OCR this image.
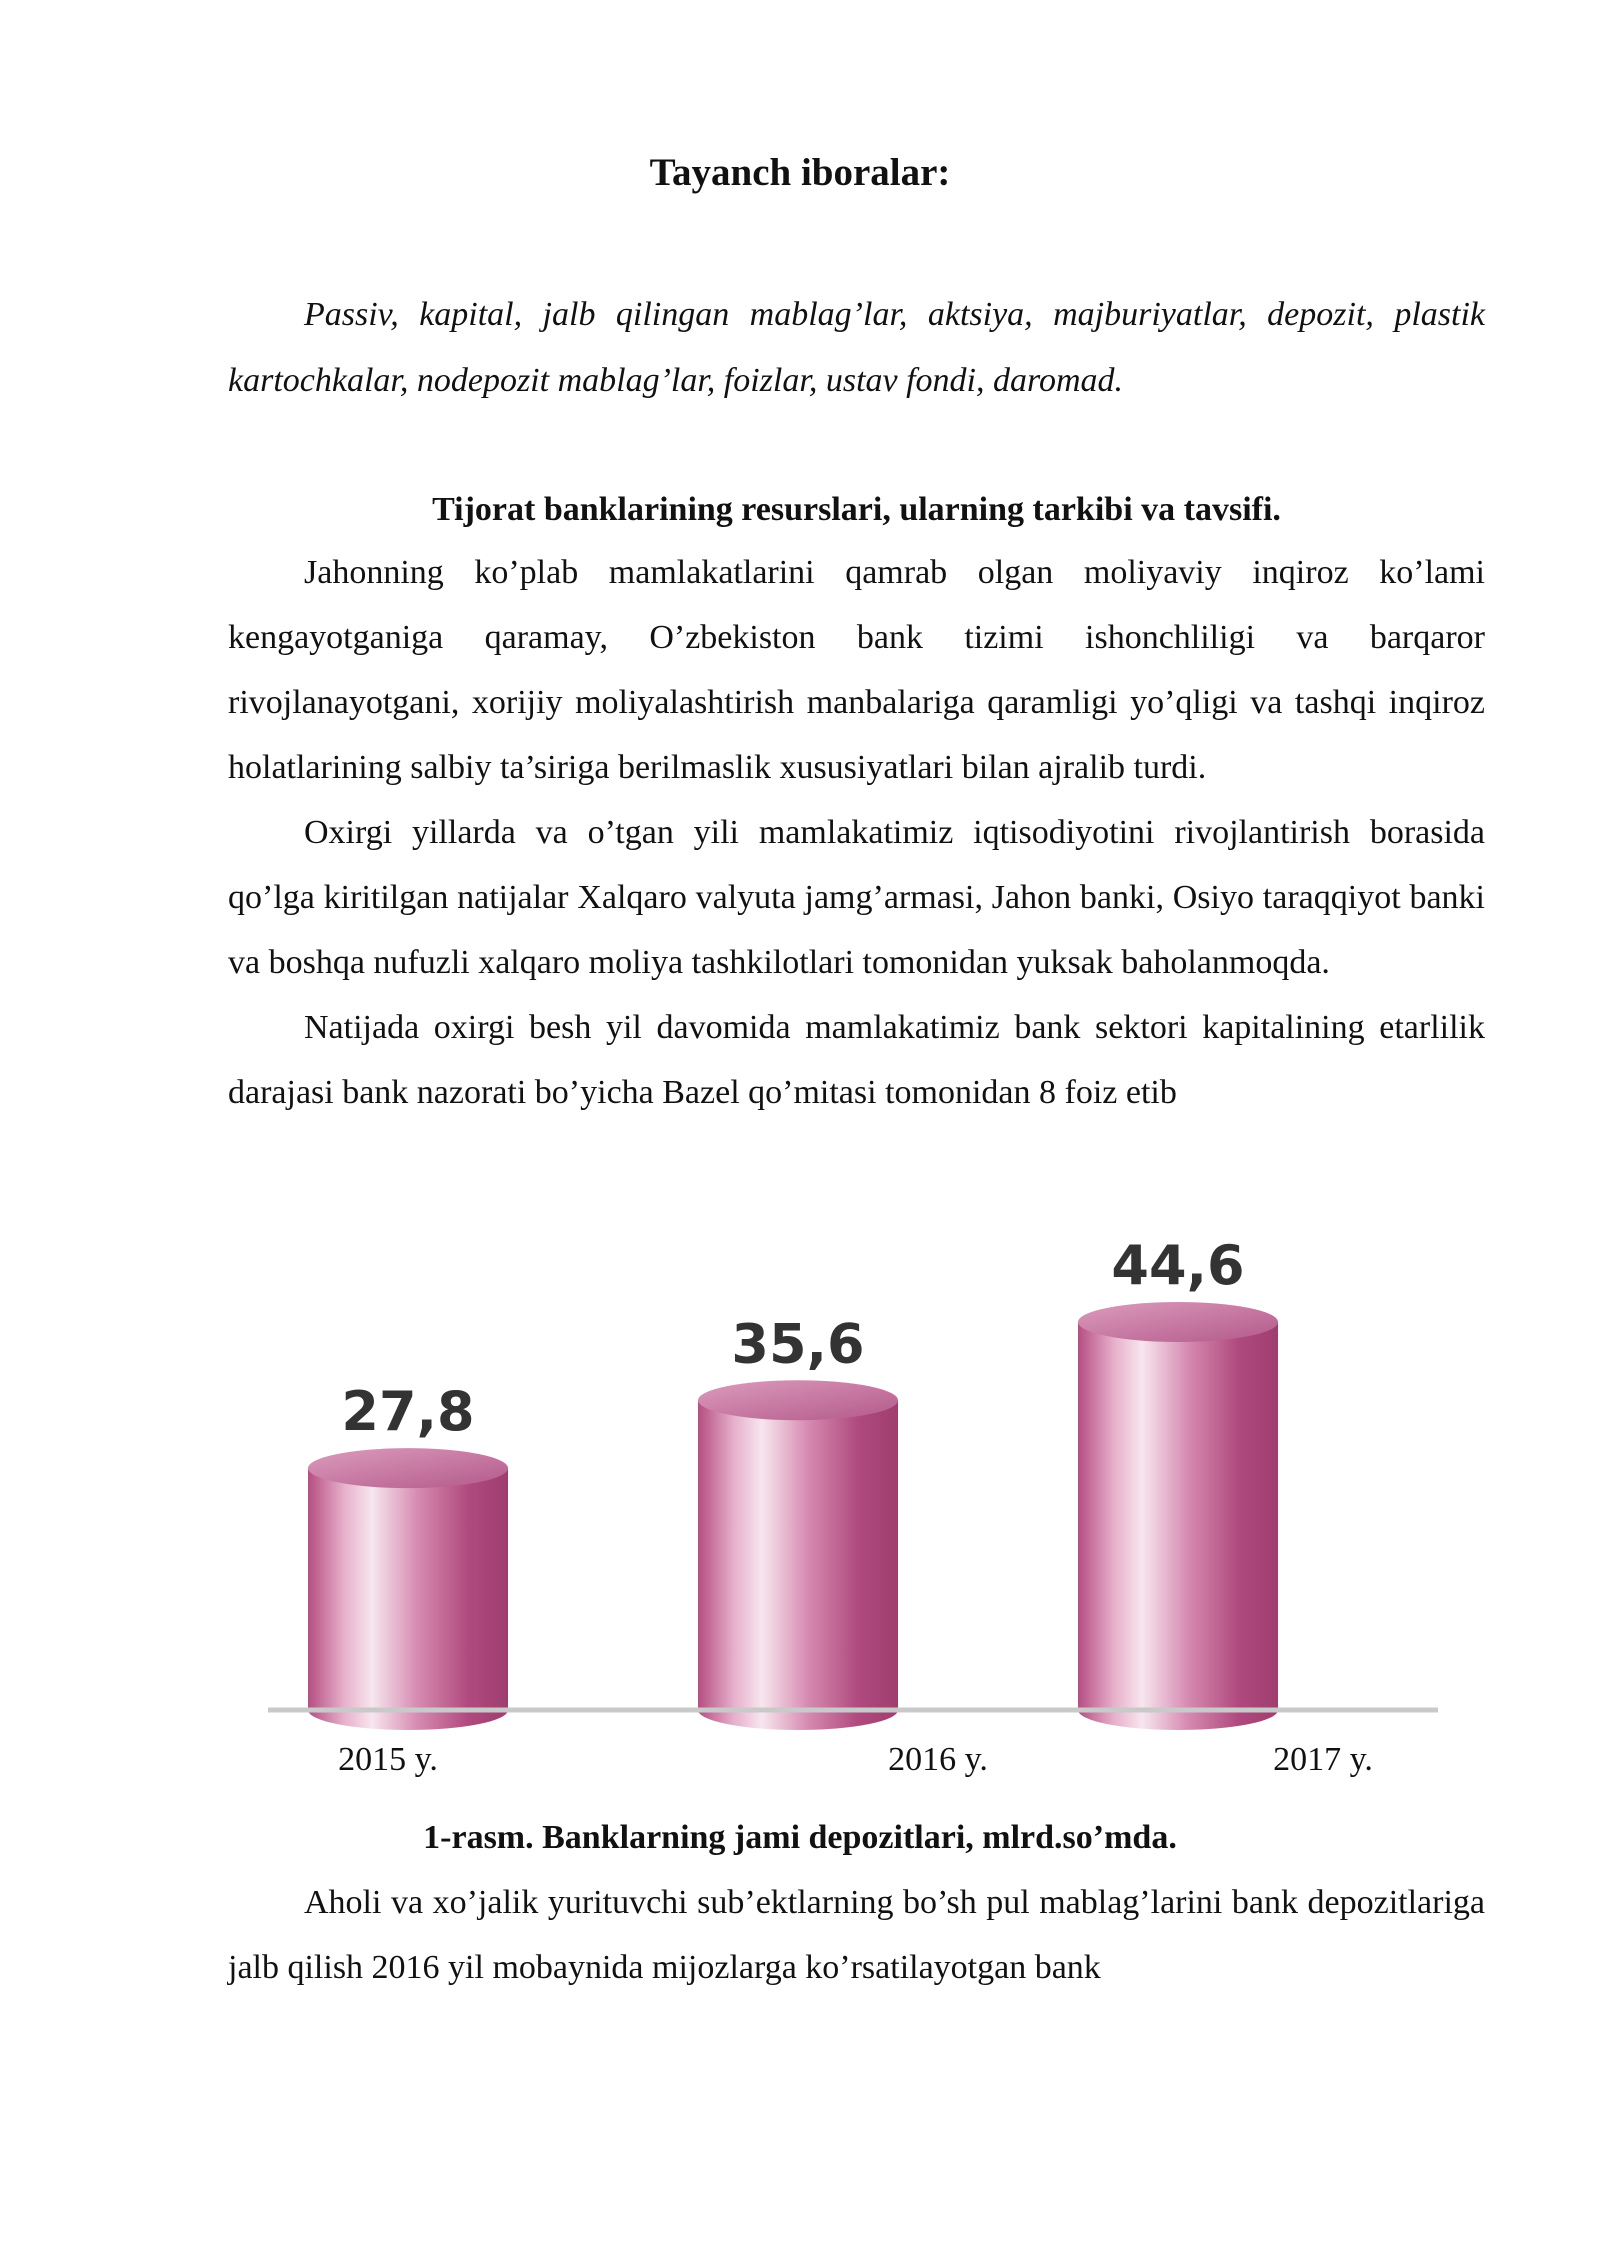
Tayanch iboralar:

Passiv, kapital, jalb qilingan mablag’lar, aktsiya, majburiyatlar, depozit, plastik kartochkalar, nodepozit mablag’lar, foizlar, ustav fondi, daromad.

Tijorat banklarining resurslari, ularning tarkibi va tavsifi.

Jahonning ko’plab mamlakatlarini qamrab olgan moliyaviy inqiroz ko’lami kengayotganiga qaramay, O’zbekiston bank tizimi ishonchliligi va barqaror rivojlanayotgani, xorijiy moliyalashtirish manbalariga qaramligi yo’qligi va tashqi inqiroz holatlarining salbiy ta’siriga berilmaslik xususiyatlari bilan ajralib turdi.

Oxirgi yillarda va o’tgan yili mamlakatimiz iqtisodiyotini rivojlantirish borasida qo’lga kiritilgan natijalar Xalqaro valyuta jamg’armasi, Jahon banki, Osiyo taraqqiyot banki va boshqa nufuzli xalqaro moliya tashkilotlari tomonidan yuksak baholanmoqda.

Natijada oxirgi besh yil davomida mamlakatimiz bank sektori kapitalining etarlilik darajasi bank nazorati bo’yicha Bazel qo’mitasi tomonidan 8 foiz etib

27,8
2015 y.
35,6
2016 y.
44,6
2017 y.

1-rasm. Banklarning jami depozitlari, mlrd.so’mda.

Aholi va xo’jalik yurituvchi sub’ektlarning bo’sh pul mablag’larini bank depozitlariga jalb qilish 2016 yil mobaynida mijozlarga ko’rsatilayotgan bank
